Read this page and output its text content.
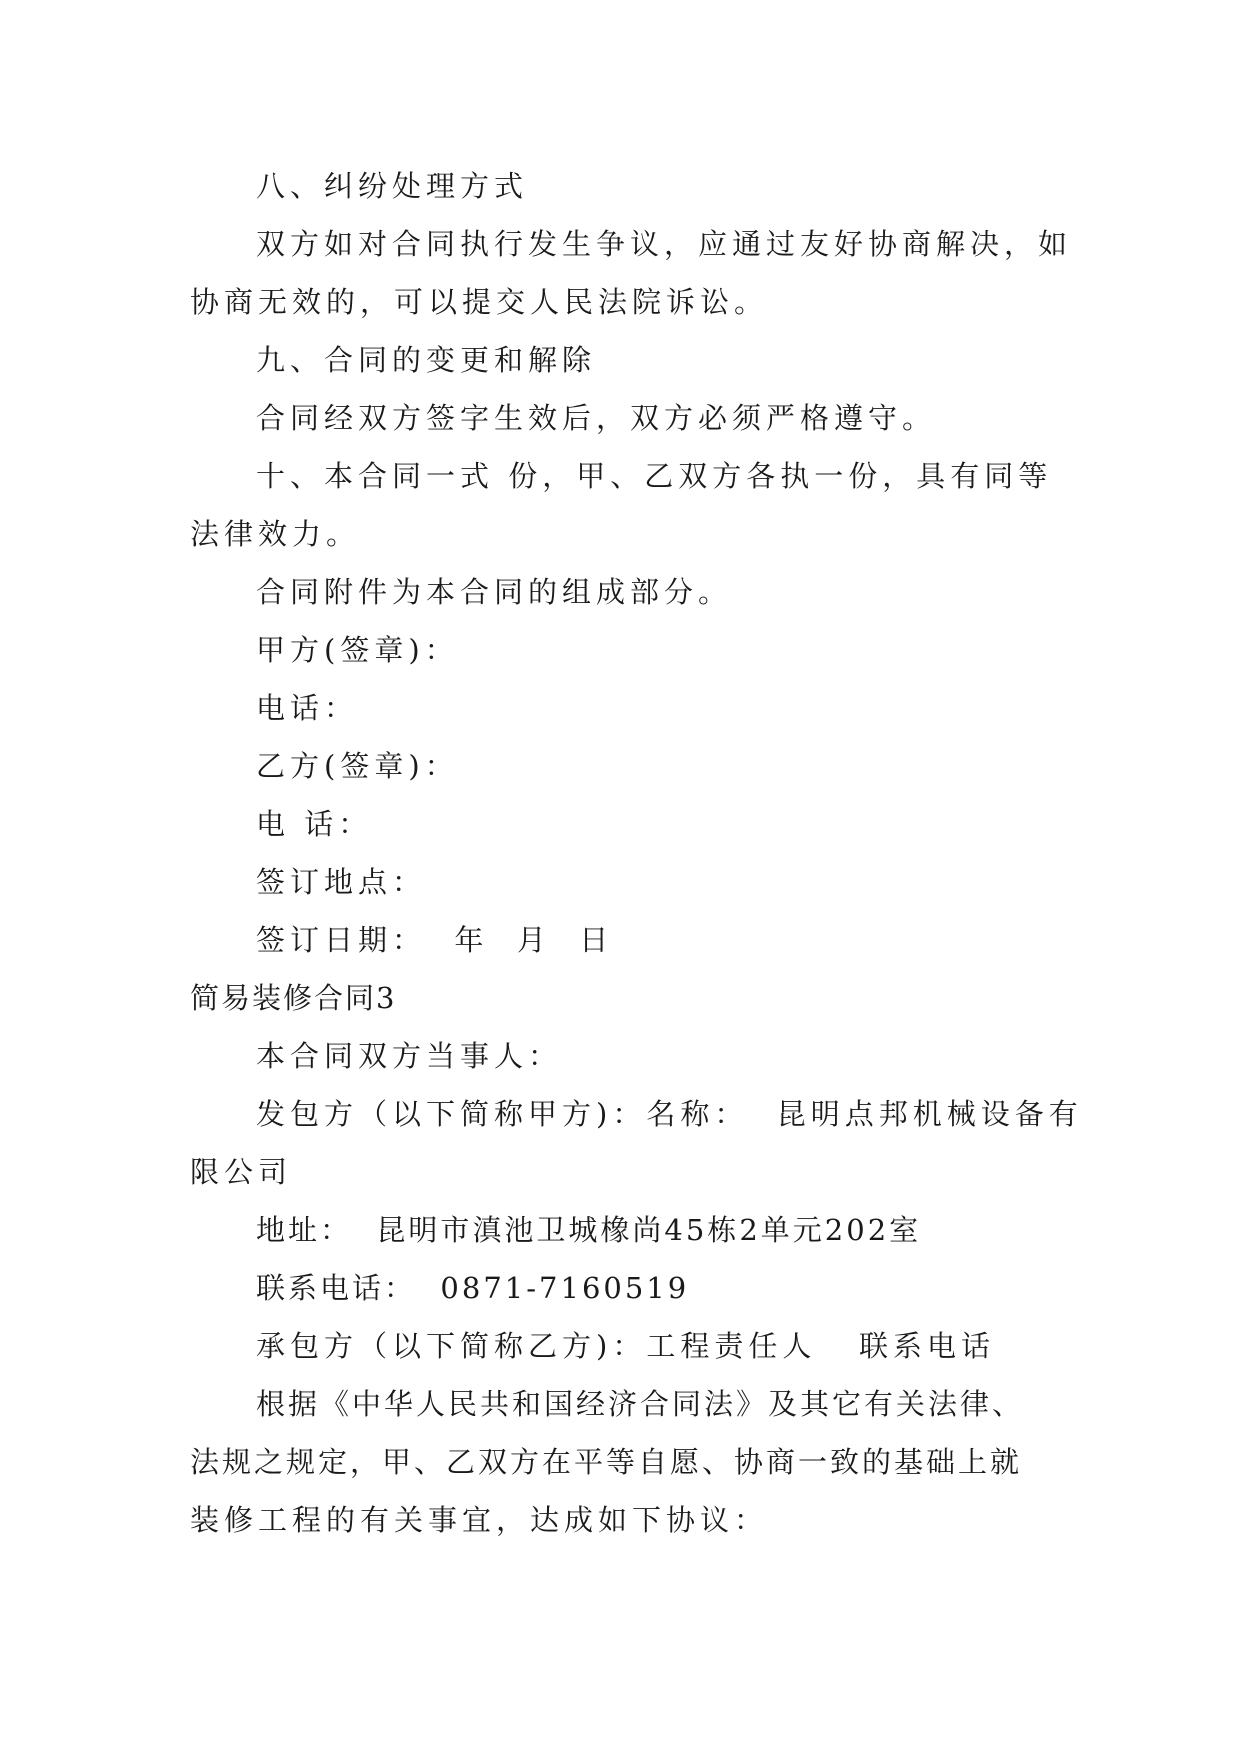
八、纠纷处理方式
双方如对合同执行发生争议，应通过友好协商解决，如
协商无效的，可以提交人民法院诉讼。
九、合同的变更和解除
合同经双方签字生效后，双方必须严格遵守。
十、本合同一式 份，甲、乙双方各执一份，具有同等
法律效力。
合同附件为本合同的组成部分。
甲方(签章)：
电话：
乙方(签章)：
电 话：
签订地点：
签订日期：  年  月  日
简易装修合同3
本合同双方当事人：
发包方（以下简称甲方)：名称：  昆明点邦机械设备有
限公司
地址：  昆明市滇池卫城橡尚45栋2单元202室
联系电话：  0871-7160519
承包方（以下简称乙方)：工程责任人   联系电话
根据《中华人民共和国经济合同法》及其它有关法律、
法规之规定，甲、乙双方在平等自愿、协商一致的基础上就
装修工程的有关事宜，达成如下协议：
